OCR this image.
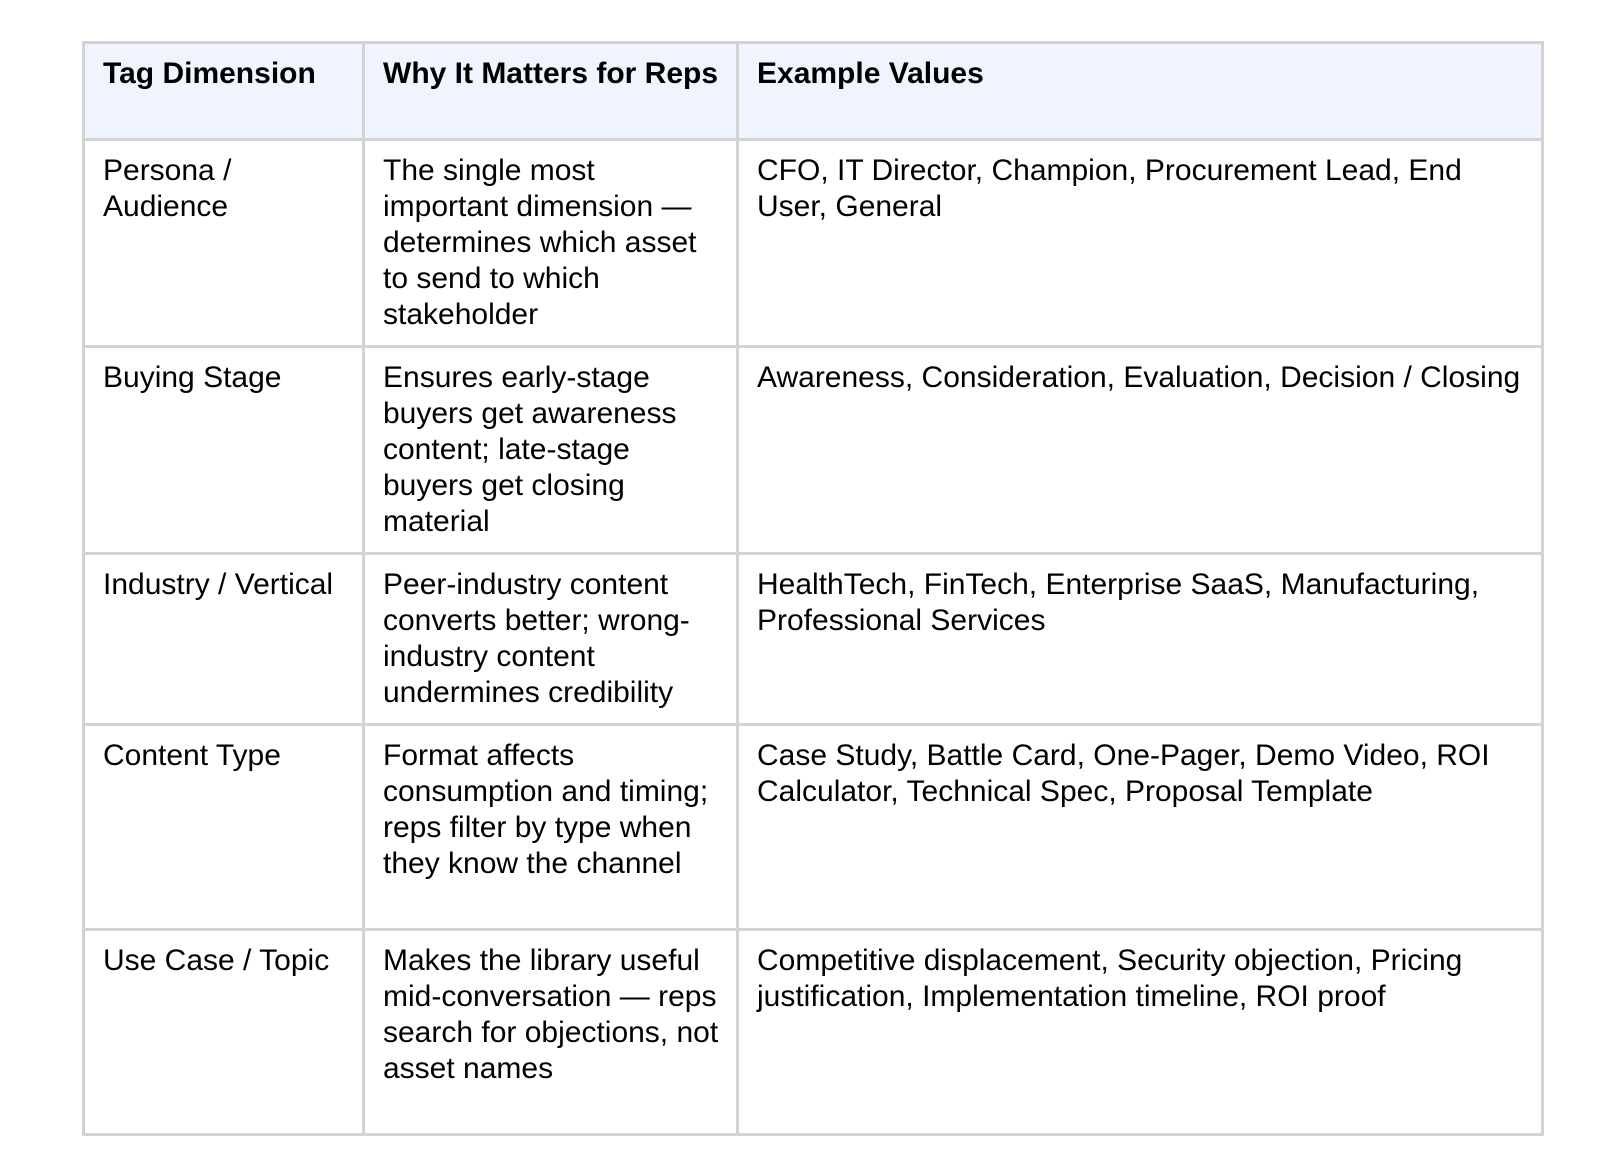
Tag Dimension	Why It Matters for Reps	Example Values
Persona / Audience	The single most important dimension — determines which asset to send to which stakeholder	CFO, IT Director, Champion, Procurement Lead, End User, General
Buying Stage	Ensures early-stage buyers get awareness content; late-stage buyers get closing material	Awareness, Consideration, Evaluation, Decision / Closing
Industry / Vertical	Peer-industry content converts better; wrong-industry content undermines credibility	HealthTech, FinTech, Enterprise SaaS, Manufacturing, Professional Services
Content Type	Format affects consumption and timing; reps filter by type when they know the channel	Case Study, Battle Card, One-Pager, Demo Video, ROI Calculator, Technical Spec, Proposal Template
Use Case / Topic	Makes the library useful mid-conversation — reps search for objections, not asset names	Competitive displacement, Security objection, Pricing justification, Implementation timeline, ROI proof
